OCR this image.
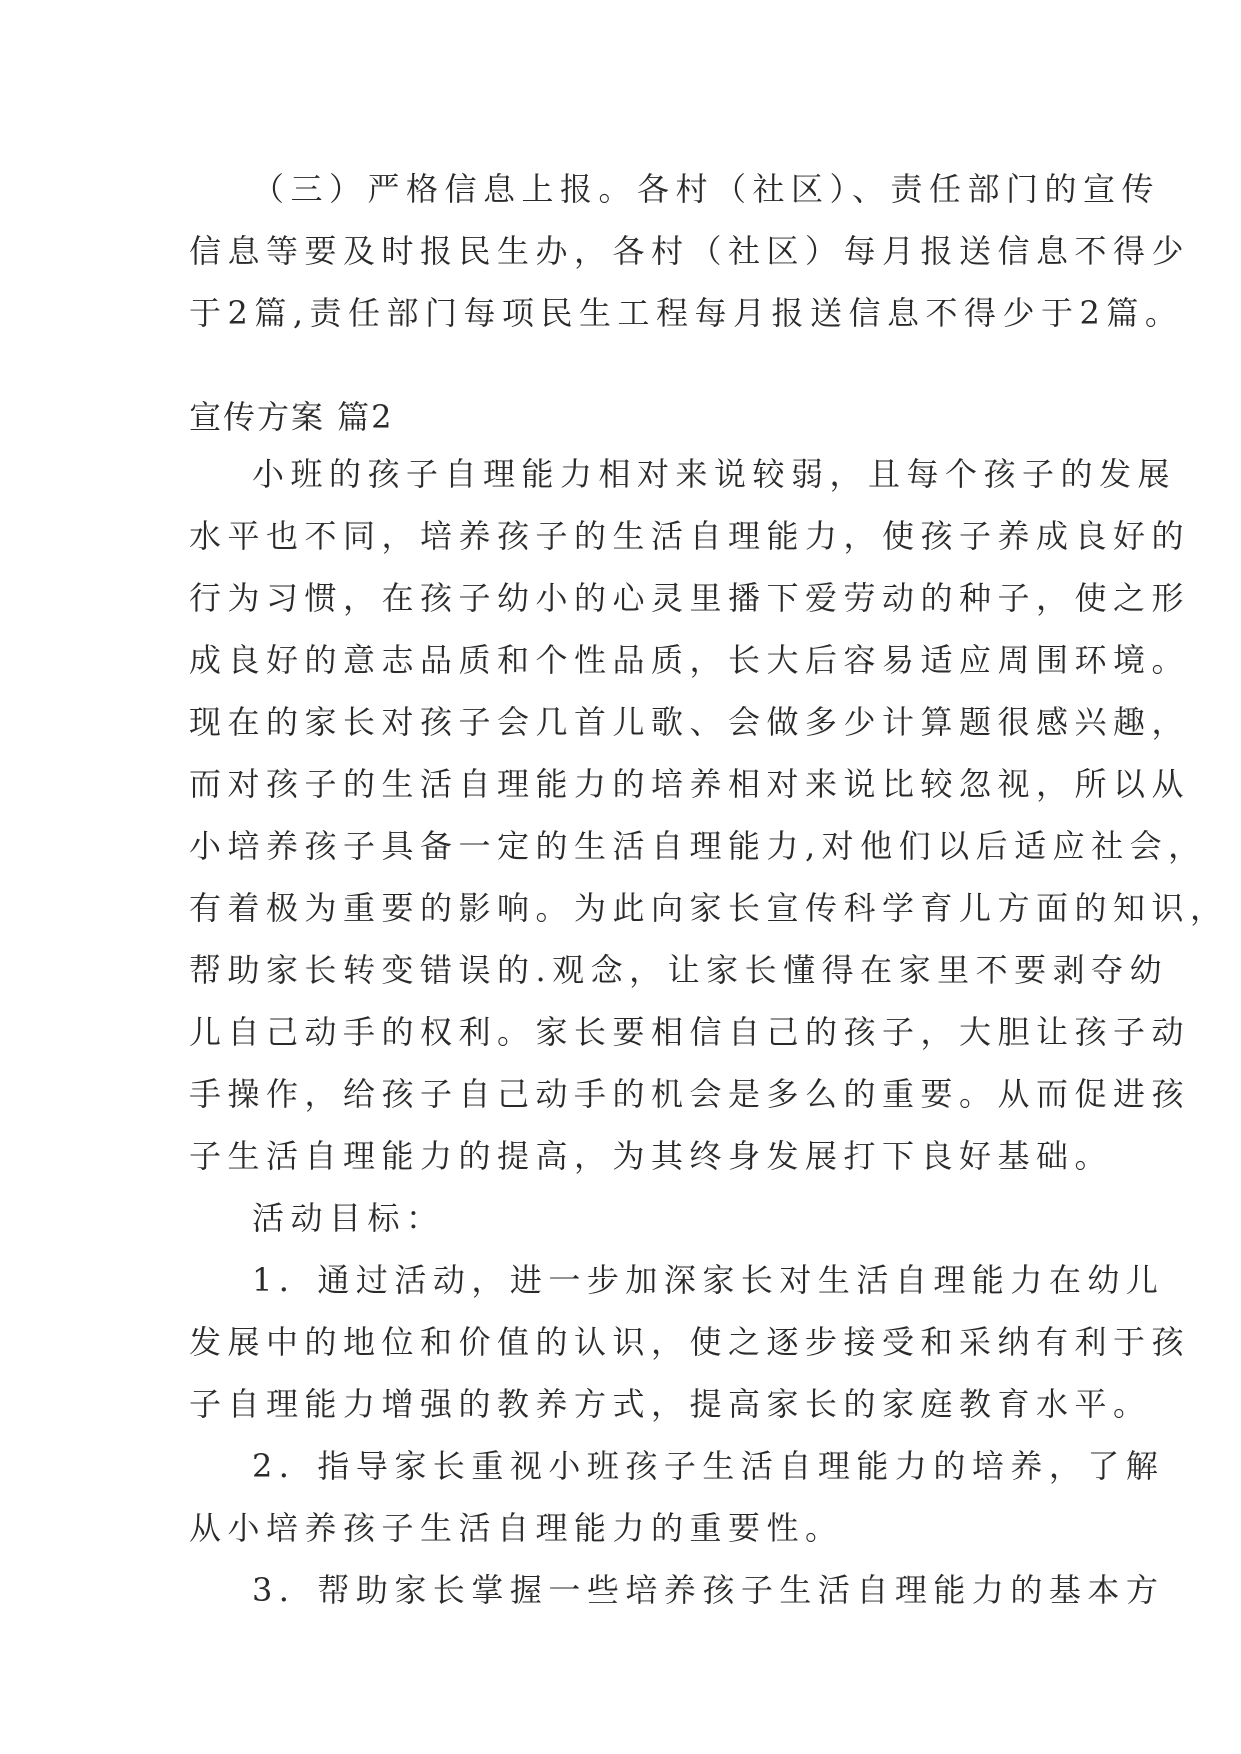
（三）严格信息上报。各村（社区）、责任部门的宣传
信息等要及时报民生办，各村（社区）每月报送信息不得少
于2篇,责任部门每项民生工程每月报送信息不得少于2篇。
宣传方案 篇2
小班的孩子自理能力相对来说较弱，且每个孩子的发展
水平也不同，培养孩子的生活自理能力，使孩子养成良好的
行为习惯，在孩子幼小的心灵里播下爱劳动的种子，使之形
成良好的意志品质和个性品质，长大后容易适应周围环境。
现在的家长对孩子会几首儿歌、会做多少计算题很感兴趣，
而对孩子的生活自理能力的培养相对来说比较忽视，所以从
小培养孩子具备一定的生活自理能力,对他们以后适应社会，
有着极为重要的影响。为此向家长宣传科学育儿方面的知识，
帮助家长转变错误的.观念，让家长懂得在家里不要剥夺幼
儿自己动手的权利。家长要相信自己的孩子，大胆让孩子动
手操作，给孩子自己动手的机会是多么的重要。从而促进孩
子生活自理能力的提高，为其终身发展打下良好基础。
活动目标：
1．通过活动，进一步加深家长对生活自理能力在幼儿
发展中的地位和价值的认识，使之逐步接受和采纳有利于孩
子自理能力增强的教养方式，提高家长的家庭教育水平。
2．指导家长重视小班孩子生活自理能力的培养，了解
从小培养孩子生活自理能力的重要性。
3．帮助家长掌握一些培养孩子生活自理能力的基本方
